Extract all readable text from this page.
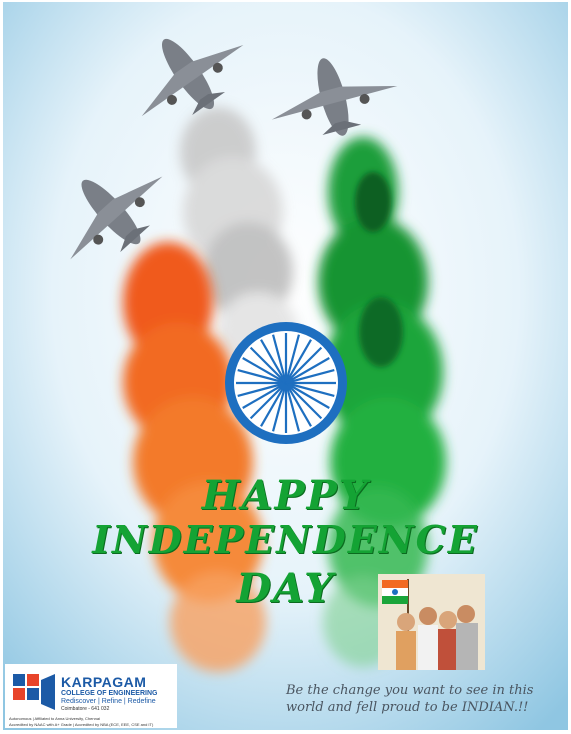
HAPPY
INDEPENDENCE
DAY
Be the change you want to see in this
world and fell proud to be INDIAN.!!
KARPAGAM
COLLEGE OF ENGINEERING
Rediscover | Refine | Redefine
Coimbatore - 641 032
Autonomous | Affiliated to Anna University, Chennai
Accredited by NAAC with A+ Grade | Accredited by NBA (ECE, EEE, CSE and IT)
